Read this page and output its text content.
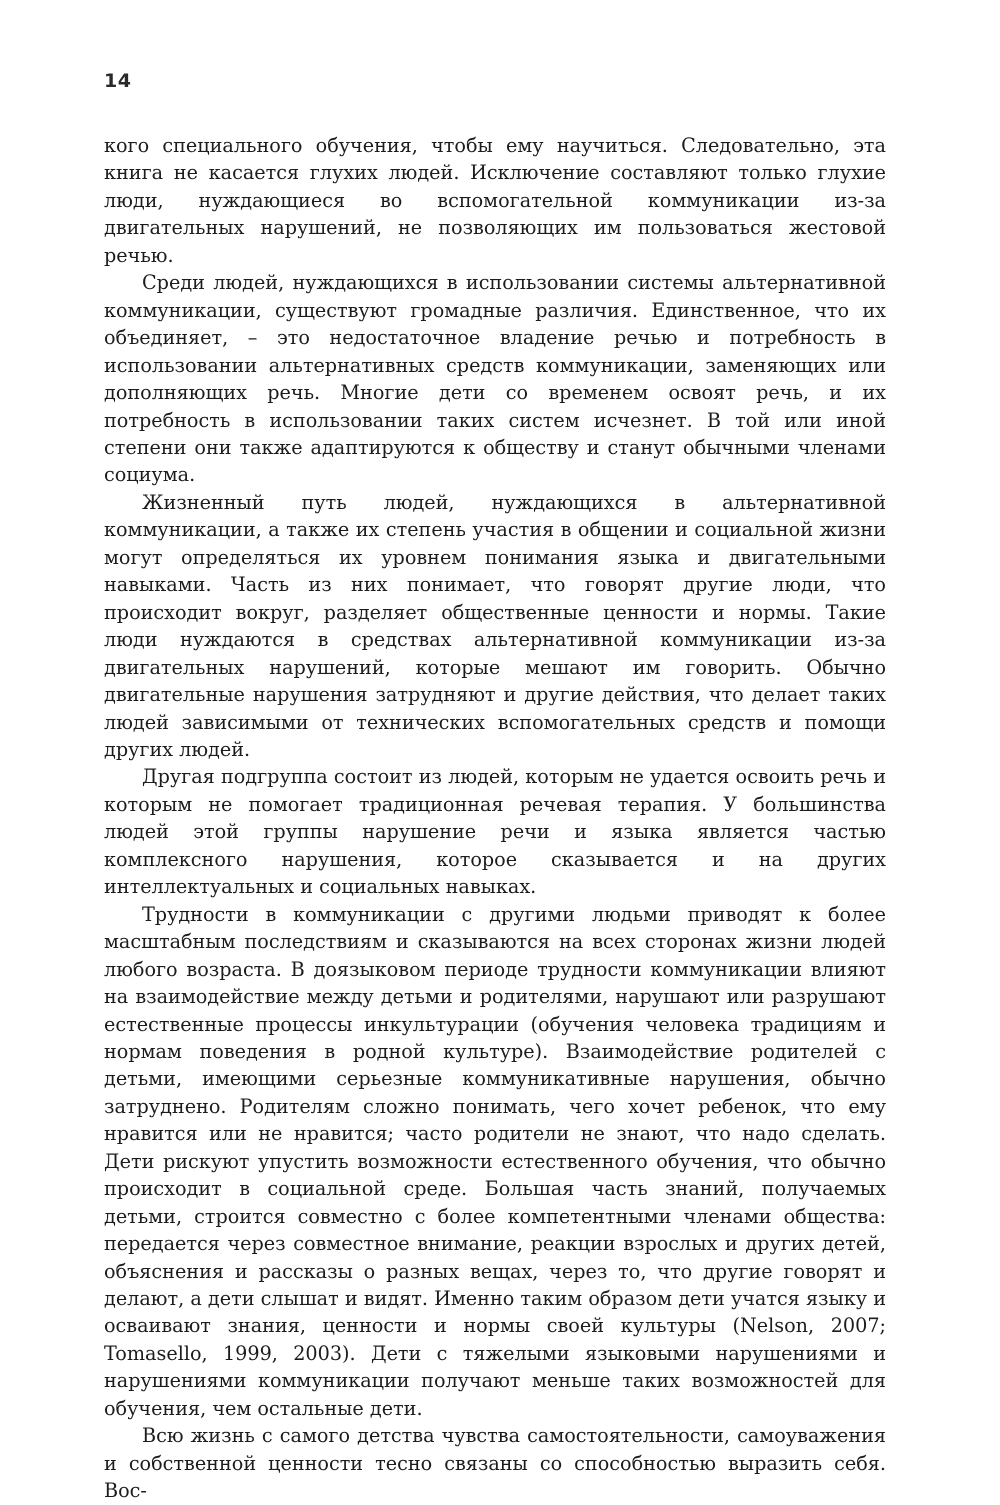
14

кого специального обучения, чтобы ему научиться. Следовательно, эта книга не касается глухих людей. Исключение составляют только глухие люди, нуждающиеся во вспомогательной коммуникации из-за двигательных нарушений, не позволяющих им пользоваться жестовой речью.

Среди людей, нуждающихся в использовании системы альтернативной коммуникации, существуют громадные различия. Единственное, что их объединяет, – это недостаточное владение речью и потребность в использовании альтернативных средств коммуникации, заменяющих или дополняющих речь. Многие дети со временем освоят речь, и их потребность в использовании таких систем исчезнет. В той или иной степени они также адаптируются к обществу и станут обычными членами социума.

Жизненный путь людей, нуждающихся в альтернативной коммуникации, а также их степень участия в общении и социальной жизни могут определяться их уровнем понимания языка и двигательными навыками. Часть из них понимает, что говорят другие люди, что происходит вокруг, разделяет общественные ценности и нормы. Такие люди нуждаются в средствах альтернативной коммуникации из-за двигательных нарушений, которые мешают им говорить. Обычно двигательные нарушения затрудняют и другие действия, что делает таких людей зависимыми от технических вспомогательных средств и помощи других людей.

Другая подгруппа состоит из людей, которым не удается освоить речь и которым не помогает традиционная речевая терапия. У большинства людей этой группы нарушение речи и языка является частью комплексного нарушения, которое сказывается и на других интеллектуальных и социальных навыках.

Трудности в коммуникации с другими людьми приводят к более масштабным последствиям и сказываются на всех сторонах жизни людей любого возраста. В доязыковом периоде трудности коммуникации влияют на взаимодействие между детьми и родителями, нарушают или разрушают естественные процессы инкультурации (обучения человека традициям и нормам поведения в родной культуре). Взаимодействие родителей с детьми, имеющими серьезные коммуникативные нарушения, обычно затруднено. Родителям сложно понимать, чего хочет ребенок, что ему нравится или не нравится; часто родители не знают, что надо сделать. Дети рискуют упустить возможности естественного обучения, что обычно происходит в социальной среде. Большая часть знаний, получаемых детьми, строится совместно с более компетентными членами общества: передается через совместное внимание, реакции взрослых и других детей, объяснения и рассказы о разных вещах, через то, что другие говорят и делают, а дети слышат и видят. Именно таким образом дети учатся языку и осваивают знания, ценности и нормы своей культуры (Nelson, 2007; Tomasello, 1999, 2003). Дети с тяжелыми языковыми нарушениями и нарушениями коммуникации получают меньше таких возможностей для обучения, чем остальные дети.

Всю жизнь с самого детства чувства самостоятельности, самоуважения и собственной ценности тесно связаны со способностью выразить себя. Вос-
